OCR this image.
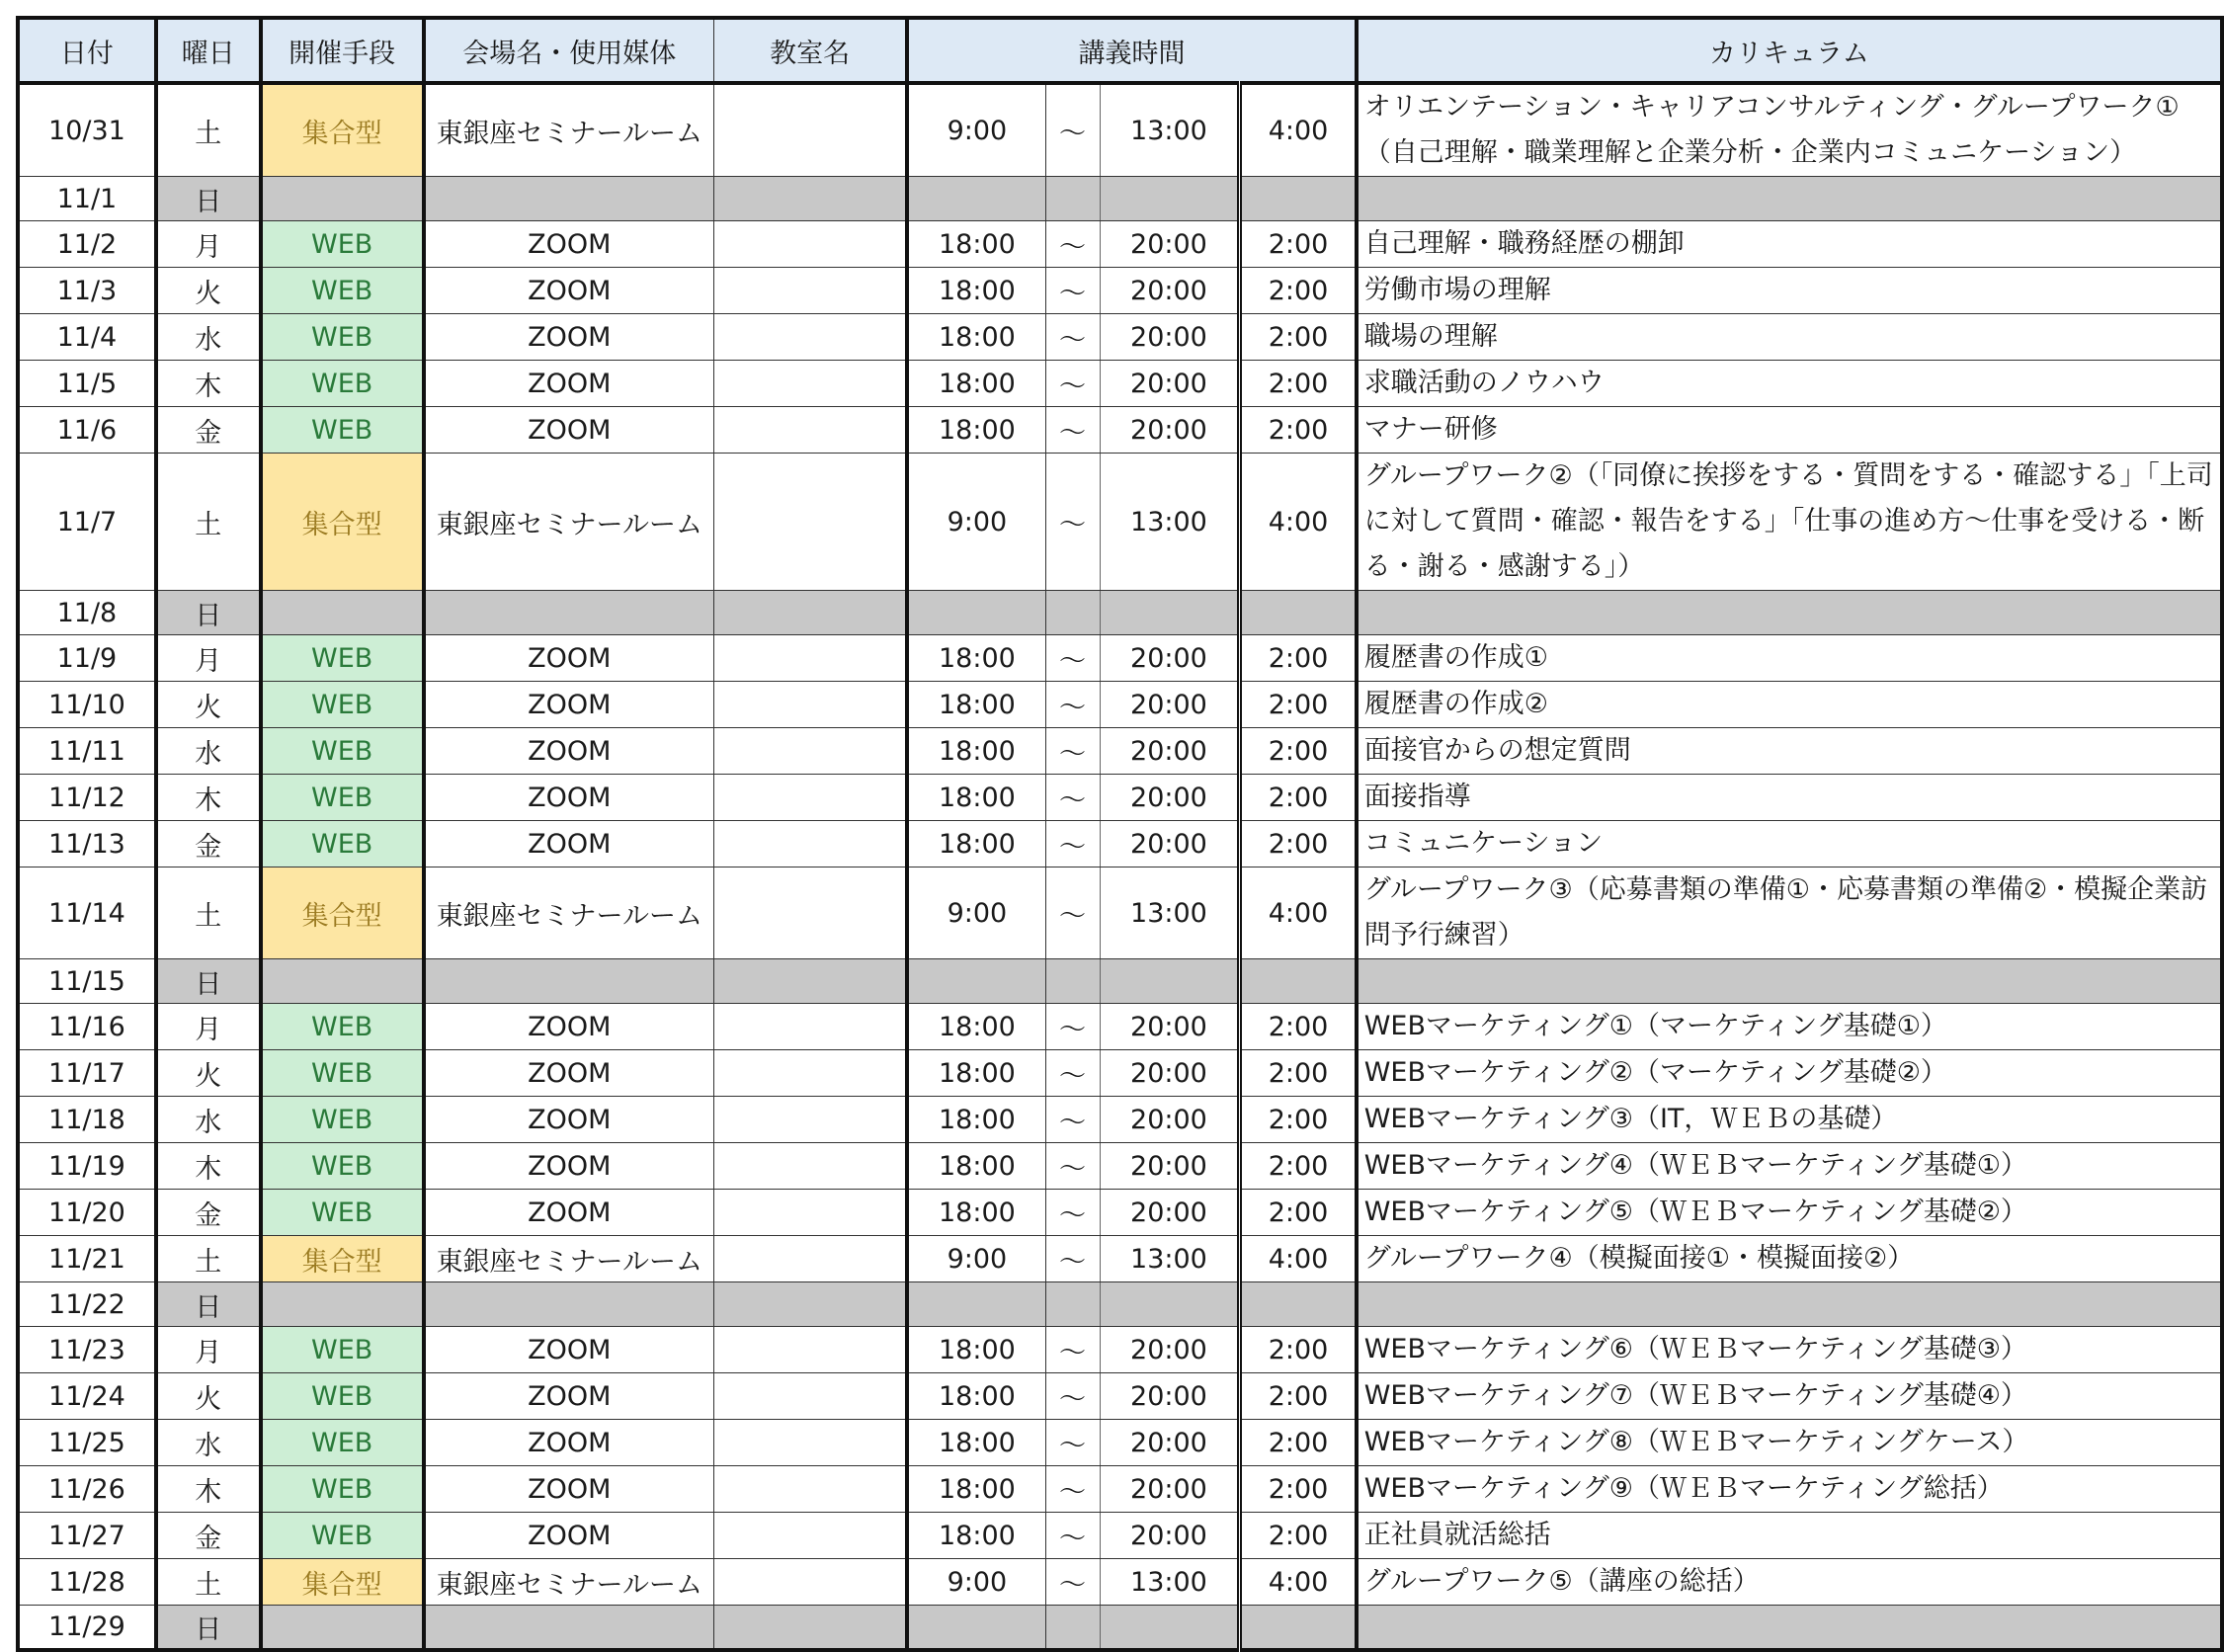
日付	曜日	開催手段	会場名・使用媒体	教室名	講義時間				カリキュラム
10/31	土	集合型	東銀座セミナールーム		9:00	～	13:00	4:00	オリエンテーション・キャリアコンサルティング・グループワーク①（自己理解・職業理解と企業分析・企業内コミュニケーション）
11/1	日								
11/2	月	WEB	ZOOM		18:00	～	20:00	2:00	自己理解・職務経歴の棚卸
11/3	火	WEB	ZOOM		18:00	～	20:00	2:00	労働市場の理解
11/4	水	WEB	ZOOM		18:00	～	20:00	2:00	職場の理解
11/5	木	WEB	ZOOM		18:00	～	20:00	2:00	求職活動のノウハウ
11/6	金	WEB	ZOOM		18:00	～	20:00	2:00	マナー研修
11/7	土	集合型	東銀座セミナールーム		9:00	～	13:00	4:00	グループワーク②（「同僚に挨拶をする・質問をする・確認する」「上司に対して質問・確認・報告をする」「仕事の進め方～仕事を受ける・断る・謝る・感謝する」）
11/8	日								
11/9	月	WEB	ZOOM		18:00	～	20:00	2:00	履歴書の作成①
11/10	火	WEB	ZOOM		18:00	～	20:00	2:00	履歴書の作成②
11/11	水	WEB	ZOOM		18:00	～	20:00	2:00	面接官からの想定質問
11/12	木	WEB	ZOOM		18:00	～	20:00	2:00	面接指導
11/13	金	WEB	ZOOM		18:00	～	20:00	2:00	コミュニケーション
11/14	土	集合型	東銀座セミナールーム		9:00	～	13:00	4:00	グループワーク③（応募書類の準備①・応募書類の準備②・模擬企業訪問予行練習）
11/15	日								
11/16	月	WEB	ZOOM		18:00	～	20:00	2:00	WEBマーケティング①（マーケティング基礎①）
11/17	火	WEB	ZOOM		18:00	～	20:00	2:00	WEBマーケティング②（マーケティング基礎②）
11/18	水	WEB	ZOOM		18:00	～	20:00	2:00	WEBマーケティング③（IT，ＷＥＢの基礎）
11/19	木	WEB	ZOOM		18:00	～	20:00	2:00	WEBマーケティング④（ＷＥＢマーケティング基礎①）
11/20	金	WEB	ZOOM		18:00	～	20:00	2:00	WEBマーケティング⑤（ＷＥＢマーケティング基礎②）
11/21	土	集合型	東銀座セミナールーム		9:00	～	13:00	4:00	グループワーク④（模擬面接①・模擬面接②）
11/22	日								
11/23	月	WEB	ZOOM		18:00	～	20:00	2:00	WEBマーケティング⑥（ＷＥＢマーケティング基礎③）
11/24	火	WEB	ZOOM		18:00	～	20:00	2:00	WEBマーケティング⑦（ＷＥＢマーケティング基礎④）
11/25	水	WEB	ZOOM		18:00	～	20:00	2:00	WEBマーケティング⑧（ＷＥＢマーケティングケース）
11/26	木	WEB	ZOOM		18:00	～	20:00	2:00	WEBマーケティング⑨（ＷＥＢマーケティング総括）
11/27	金	WEB	ZOOM		18:00	～	20:00	2:00	正社員就活総括
11/28	土	集合型	東銀座セミナールーム		9:00	～	13:00	4:00	グループワーク⑤（講座の総括）
11/29	日								
